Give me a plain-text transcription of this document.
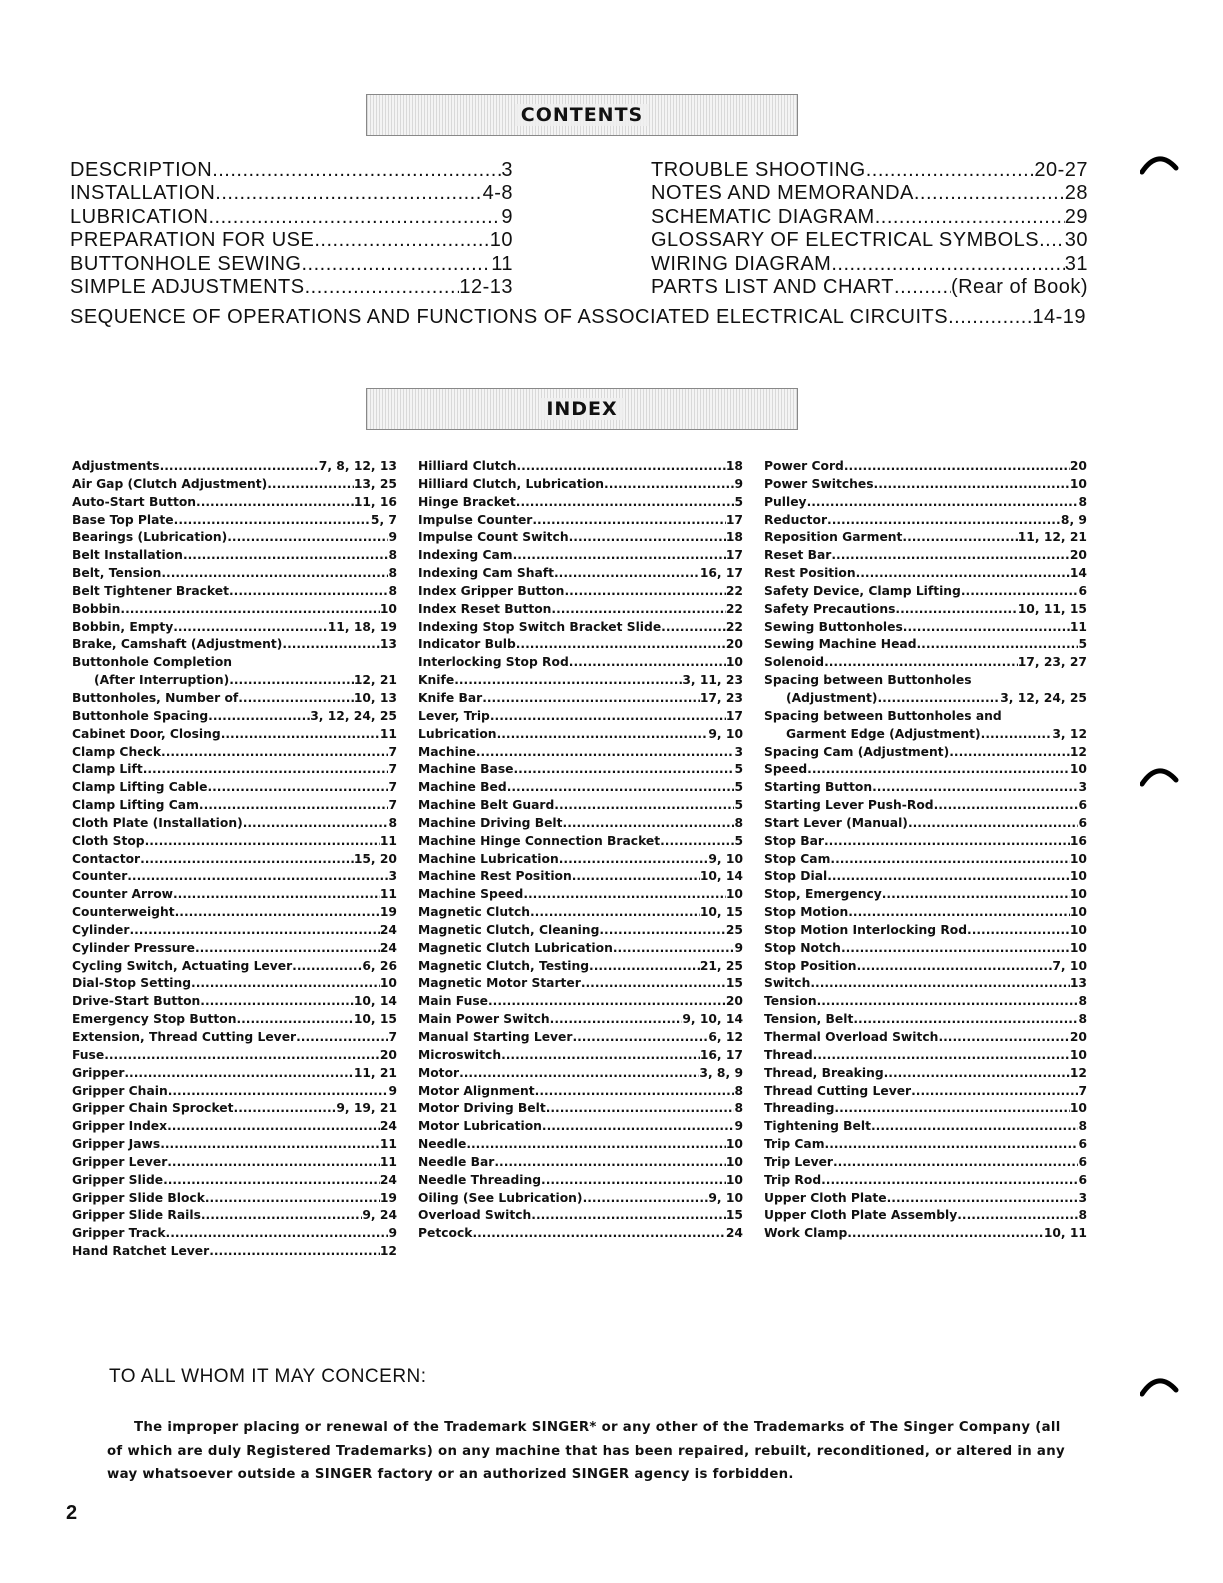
CONTENTS
DESCRIPTION .....	3
INSTALLATION .....	4-8
LUBRICATION .....	9
PREPARATION FOR USE .....	10
BUTTONHOLE SEWING .....	11
SIMPLE ADJUSTMENTS .....	12-13
TROUBLE SHOOTING .....	20-27
NOTES AND MEMORANDA .....	28
SCHEMATIC DIAGRAM .....	29
GLOSSARY OF ELECTRICAL SYMBOLS ..... 30
WIRING DIAGRAM .....	31
PARTS LIST AND CHART .....	(Rear of Book)
SEQUENCE OF OPERATIONS AND FUNCTIONS OF ASSOCIATED ELECTRICAL CIRCUITS .....	14-19
INDEX
Adjustments .....	7, 8, 12, 13
Air Gap (Clutch Adjustment) .....	13, 25
Auto-Start Button .....	11, 16
Base Top Plate .....	5, 7
Bearings (Lubrication) .....	9
Belt Installation .....	8
Belt, Tension .....	8
Belt Tightener Bracket .....	8
Bobbin .....	10
Bobbin, Empty .....	11, 18, 19
Brake, Camshaft (Adjustment) .....	13
Buttonhole Completion
(After Interruption) .....	12, 21
Buttonholes, Number of .....	10, 13
Buttonhole Spacing .....	3, 12, 24, 25
Cabinet Door, Closing .....	11
Clamp Check .....	7
Clamp Lift .....	7
Clamp Lifting Cable .....	7
Clamp Lifting Cam .....	7
Cloth Plate (Installation) .....	8
Cloth Stop .....	11
Contactor .....	15, 20
Counter .....	3
Counter Arrow .....	11
Counterweight .....	19
Cylinder .....	24
Cylinder Pressure .....	24
Cycling Switch, Actuating Lever .....	6, 26
Dial-Stop Setting .....	10
Drive-Start Button .....	10, 14
Emergency Stop Button .....	10, 15
Extension, Thread Cutting Lever .....	7
Fuse .....	20
Gripper .....	11, 21
Gripper Chain .....	9
Gripper Chain Sprocket .....	9, 19, 21
Gripper Index .....	24
Gripper Jaws .....	11
Gripper Lever .....	11
Gripper Slide .....	24
Gripper Slide Block .....	19
Gripper Slide Rails .....	9, 24
Gripper Track .....	9
Hand Ratchet Lever .....	12
Hilliard Clutch .....	18
Hilliard Clutch, Lubrication .....	9
Hinge Bracket .....	5
Impulse Counter .....	17
Impulse Count Switch .....	18
Indexing Cam .....	17
Indexing Cam Shaft .....	16, 17
Index Gripper Button .....	22
Index Reset Button .....	22
Indexing Stop Switch Bracket Slide .....	22
Indicator Bulb .....	20
Interlocking Stop Rod .....	10
Knife .....	3, 11, 23
Knife Bar .....	17, 23
Lever, Trip .....	17
Lubrication .....	9, 10
Machine .....	3
Machine Base .....	5
Machine Bed .....	5
Machine Belt Guard .....	5
Machine Driving Belt .....	8
Machine Hinge Connection Bracket .....	5
Machine Lubrication .....	9, 10
Machine Rest Position .....	10, 14
Machine Speed .....	10
Magnetic Clutch .....	10, 15
Magnetic Clutch, Cleaning .....	25
Magnetic Clutch Lubrication .....	9
Magnetic Clutch, Testing .....	21, 25
Magnetic Motor Starter .....	15
Main Fuse .....	20
Main Power Switch .....	9, 10, 14
Manual Starting Lever .....	6, 12
Microswitch .....	16, 17
Motor .....	3, 8, 9
Motor Alignment .....	8
Motor Driving Belt .....	8
Motor Lubrication .....	9
Needle .....	10
Needle Bar .....	10
Needle Threading .....	10
Oiling (See Lubrication) .....	9, 10
Overload Switch .....	15
Petcock .....	24
Power Cord .....	20
Power Switches .....	10
Pulley .....	8
Reductor .....	8, 9
Reposition Garment .....	11, 12, 21
Reset Bar .....	20
Rest Position .....	14
Safety Device, Clamp Lifting .....	6
Safety Precautions .....	10, 11, 15
Sewing Buttonholes .....	11
Sewing Machine Head .....	5
Solenoid .....	17, 23, 27
Spacing between Buttonholes
(Adjustment) .....	3, 12, 24, 25
Spacing between Buttonholes and
Garment Edge (Adjustment) .....	3, 12
Spacing Cam (Adjustment) .....	12
Speed .....	10
Starting Button .....	3
Starting Lever Push-Rod .....	6
Start Lever (Manual) .....	6
Stop Bar .....	16
Stop Cam .....	10
Stop Dial .....	10
Stop, Emergency .....	10
Stop Motion .....	10
Stop Motion Interlocking Rod .....	10
Stop Notch .....	10
Stop Position .....	7, 10
Switch .....	13
Tension .....	8
Tension, Belt .....	8
Thermal Overload Switch .....	20
Thread .....	10
Thread, Breaking .....	12
Thread Cutting Lever .....	7
Threading .....	10
Tightening Belt .....	8
Trip Cam .....	6
Trip Lever .....	6
Trip Rod .....	6
Upper Cloth Plate .....	3
Upper Cloth Plate Assembly .....	8
Work Clamp .....	10, 11
TO ALL WHOM IT MAY CONCERN:

The improper placing or renewal of the Trademark SINGER* or any other of the Trademarks of The Singer Company (all of which are duly Registered Trademarks) on any machine that has been repaired, rebuilt, reconditioned, or altered in any way whatsoever outside a SINGER factory or an authorized SINGER agency is forbidden.

2
